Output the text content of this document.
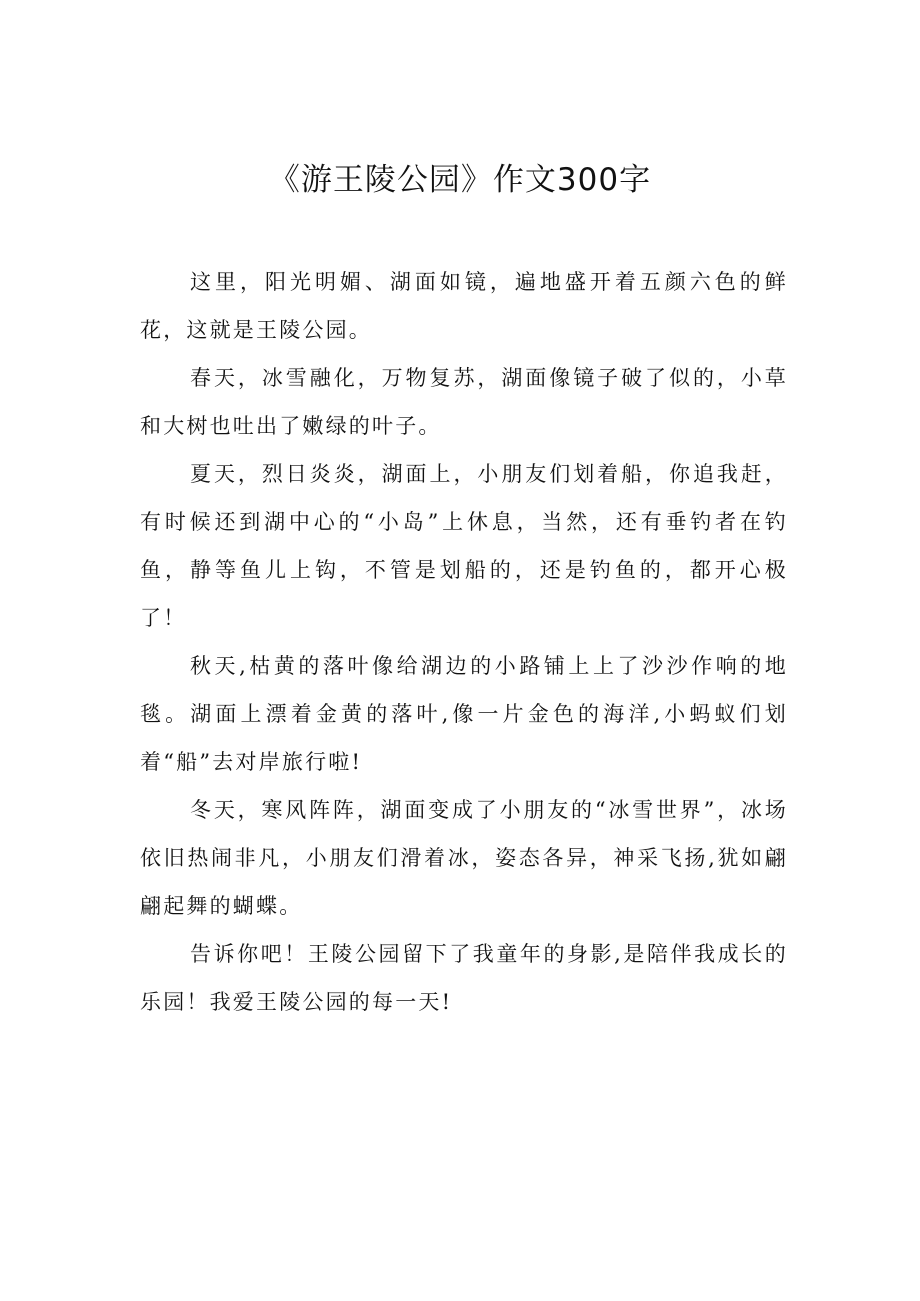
《游王陵公园》作文300字

这里，阳光明媚、湖面如镜，遍地盛开着五颜六色的鲜花，这就是王陵公园。

春天，冰雪融化，万物复苏，湖面像镜子破了似的，小草和大树也吐出了嫩绿的叶子。

夏天，烈日炎炎，湖面上，小朋友们划着船，你追我赶，有时候还到湖中心的“小岛”上休息，当然，还有垂钓者在钓鱼，静等鱼儿上钩，不管是划船的，还是钓鱼的，都开心极了！

秋天,枯黄的落叶像给湖边的小路铺上上了沙沙作响的地毯。湖面上漂着金黄的落叶,像一片金色的海洋,小蚂蚁们划着“船”去对岸旅行啦!

冬天，寒风阵阵，湖面变成了小朋友的“冰雪世界”，冰场依旧热闹非凡，小朋友们滑着冰，姿态各异，神采飞扬,犹如翩翩起舞的蝴蝶。

告诉你吧！王陵公园留下了我童年的身影,是陪伴我成长的乐园！我爱王陵公园的每一天!
